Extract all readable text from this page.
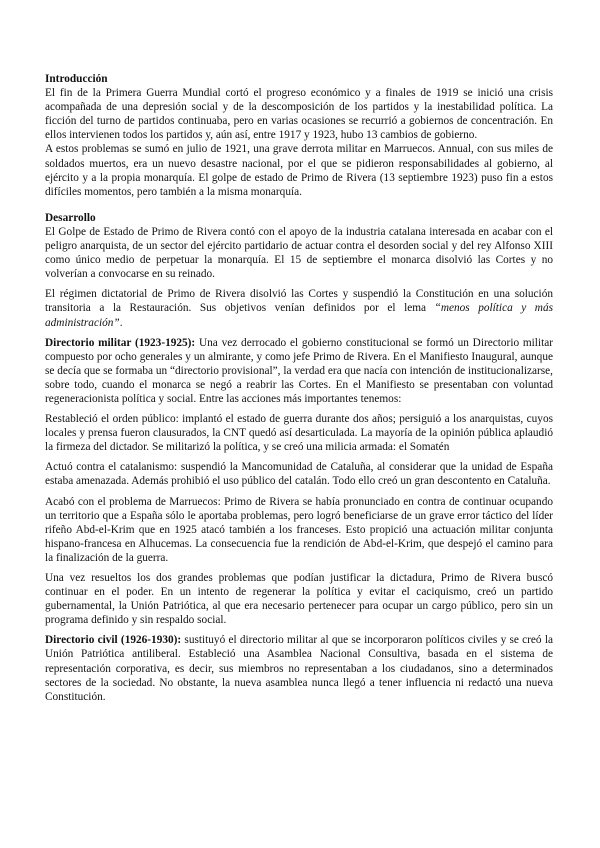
Introducción

El fin de la Primera Guerra Mundial cortó el progreso económico y a finales de 1919 se inició una crisis acompañada de una depresión social y de la descomposición de los partidos y la inestabilidad política. La ficción del turno de partidos continuaba, pero en varias ocasiones se recurrió a gobiernos de concentración. En ellos intervienen todos los partidos y, aún así, entre 1917 y 1923, hubo 13 cambios de gobierno.

A estos problemas se sumó en julio de 1921, una grave derrota militar en Marruecos. Annual, con sus miles de soldados muertos, era un nuevo desastre nacional, por el que se pidieron responsabilidades al gobierno, al ejército y a la propia monarquía. El golpe de estado de Primo de Rivera (13 septiembre 1923) puso fin a estos difíciles momentos, pero también a la misma monarquía.

Desarrollo

El Golpe de Estado de Primo de Rivera contó con el apoyo de la industria catalana interesada en acabar con el peligro anarquista, de un sector del ejército partidario de actuar contra el desorden social y del rey Alfonso XIII como único medio de perpetuar la monarquía. El 15 de septiembre el monarca disolvió las Cortes y no volverían a convocarse en su reinado.

El régimen dictatorial de Primo de Rivera disolvió las Cortes y suspendió la Constitución en una solución transitoria a la Restauración. Sus objetivos venían definidos por el lema “menos política y más administración”.

Directorio militar (1923-1925): Una vez derrocado el gobierno constitucional se formó un Directorio militar compuesto por ocho generales y un almirante, y como jefe Primo de Rivera. En el Manifiesto Inaugural, aunque se decía que se formaba un “directorio provisional”, la verdad era que nacía con intención de institucionalizarse, sobre todo, cuando el monarca se negó a reabrir las Cortes. En el Manifiesto se presentaban con voluntad regeneracionista política y social. Entre las acciones más importantes tenemos:

Restableció el orden público: implantó el estado de guerra durante dos años; persiguió a los anarquistas, cuyos locales y prensa fueron clausurados, la CNT quedó así desarticulada. La mayoría de la opinión pública aplaudió la firmeza del dictador. Se militarizó la política, y se creó una milicia armada: el Somatén

Actuó contra el catalanismo: suspendió la Mancomunidad de Cataluña, al considerar que la unidad de España estaba amenazada. Además prohibió el uso público del catalán. Todo ello creó un gran descontento en Cataluña.

Acabó con el problema de Marruecos: Primo de Rivera se había pronunciado en contra de continuar ocupando un territorio que a España sólo le aportaba problemas, pero logró beneficiarse de un grave error táctico del líder rifeño Abd-el-Krim que en 1925 atacó también a los franceses. Esto propició una actuación militar conjunta hispano-francesa en Alhucemas. La consecuencia fue la rendición de Abd-el-Krim, que despejó el camino para la finalización de la guerra.

Una vez resueltos los dos grandes problemas que podían justificar la dictadura, Primo de Rivera buscó continuar en el poder. En un intento de regenerar la política y evitar el caciquismo, creó un partido gubernamental, la Unión Patriótica, al que era necesario pertenecer para ocupar un cargo público, pero sin un programa definido y sin respaldo social.

Directorio civil (1926-1930): sustituyó el directorio militar al que se incorporaron políticos civiles y se creó la Unión Patriótica antiliberal. Estableció una Asamblea Nacional Consultiva, basada en el sistema de representación corporativa, es decir, sus miembros no representaban a los ciudadanos, sino a determinados sectores de la sociedad. No obstante, la nueva asamblea nunca llegó a tener influencia ni redactó una nueva Constitución.
